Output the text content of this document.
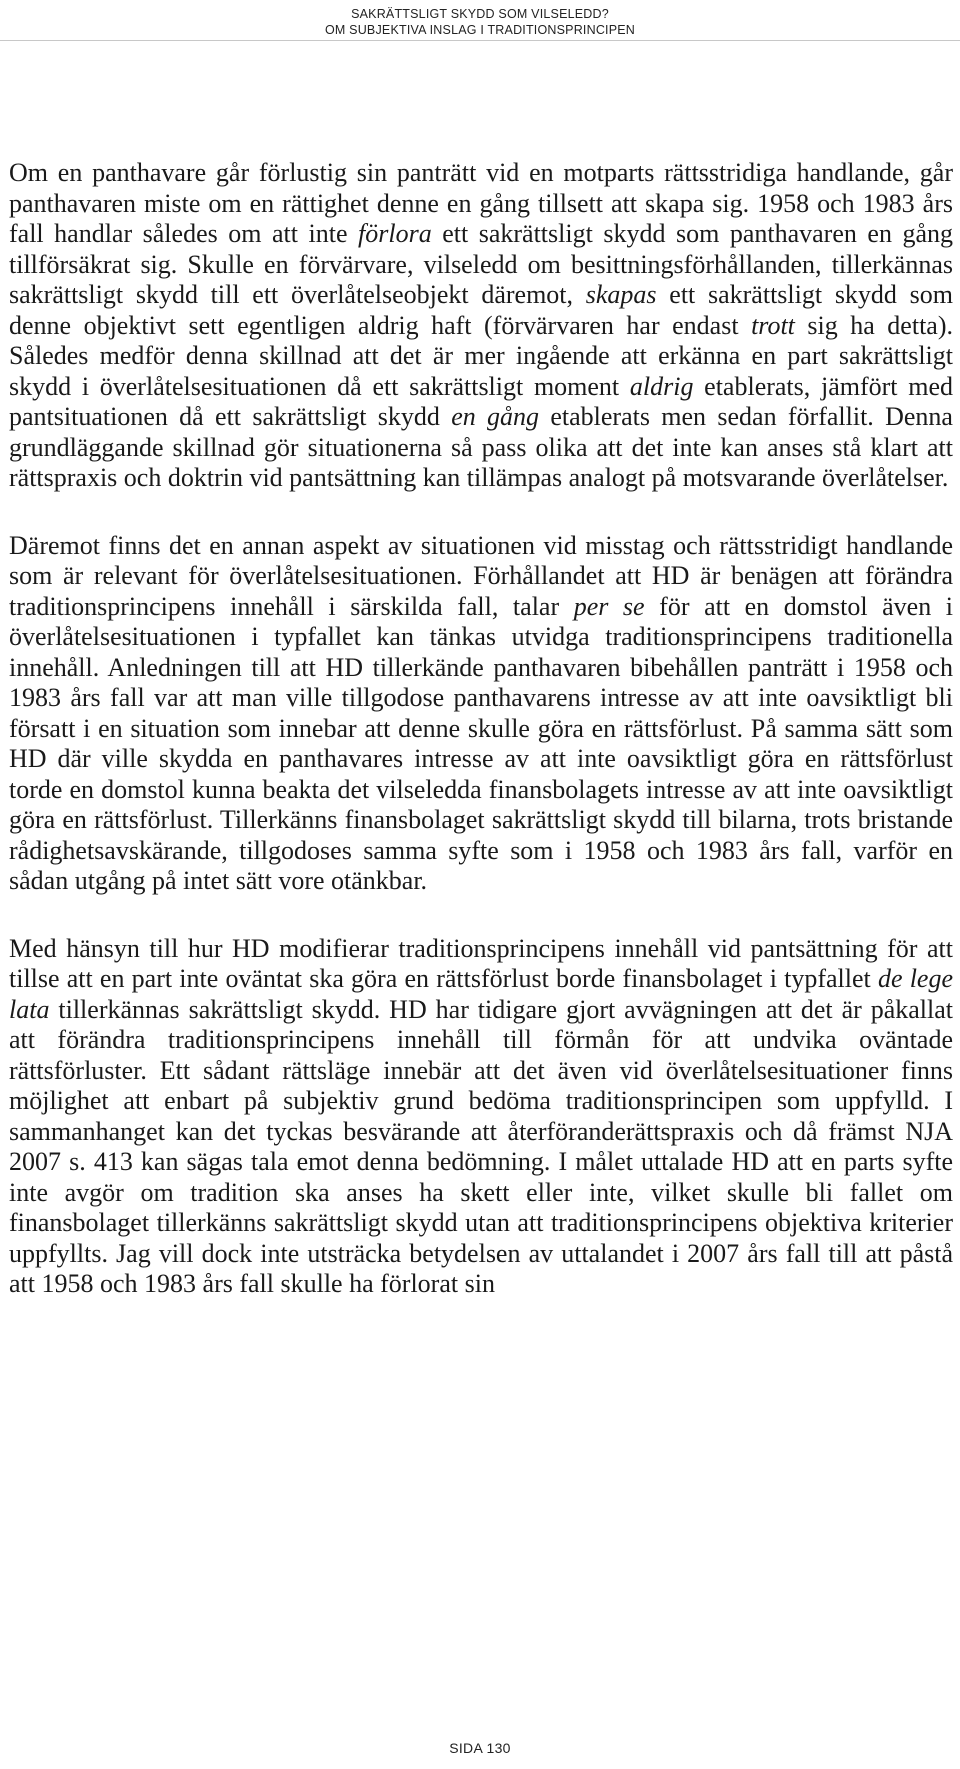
SAKRÄTTSLIGT SKYDD SOM VILSELEDD?
OM SUBJEKTIVA INSLAG I TRADITIONSPRINCIPEN

Om en panthavare går förlustig sin panträtt vid en motparts rättsstridiga handlande, går panthavaren miste om en rättighet denne en gång tillsett att skapa sig. 1958 och 1983 års fall handlar således om att inte förlora ett sakrättsligt skydd som panthavaren en gång tillförsäkrat sig. Skulle en förvärvare, vilseledd om besittningsförhållanden, tillerkännas sakrättsligt skydd till ett överlåtelseobjekt däremot, skapas ett sakrättsligt skydd som denne objektivt sett egentligen aldrig haft (förvärvaren har endast trott sig ha detta). Således medför denna skillnad att det är mer ingående att erkänna en part sakrättsligt skydd i överlåtelsesituationen då ett sakrättsligt moment aldrig etablerats, jämfört med pantsituationen då ett sakrättsligt skydd en gång etablerats men sedan förfallit. Denna grundläggande skillnad gör situationerna så pass olika att det inte kan anses stå klart att rättspraxis och doktrin vid pantsättning kan tillämpas analogt på motsvarande överlåtelser.

Däremot finns det en annan aspekt av situationen vid misstag och rättsstridigt handlande som är relevant för överlåtelsesituationen. Förhållandet att HD är benägen att förändra traditionsprincipens innehåll i särskilda fall, talar per se för att en domstol även i överlåtelsesituationen i typfallet kan tänkas utvidga traditionsprincipens traditionella innehåll. Anledningen till att HD tillerkände panthavaren bibehållen panträtt i 1958 och 1983 års fall var att man ville tillgodose panthavarens intresse av att inte oavsiktligt bli försatt i en situation som innebar att denne skulle göra en rättsförlust. På samma sätt som HD där ville skydda en panthavares intresse av att inte oavsiktligt göra en rättsförlust torde en domstol kunna beakta det vilseledda finansbolagets intresse av att inte oavsiktligt göra en rättsförlust. Tillerkänns finansbolaget sakrättsligt skydd till bilarna, trots bristande rådighetsavskärande, tillgodoses samma syfte som i 1958 och 1983 års fall, varför en sådan utgång på intet sätt vore otänkbar.

Med hänsyn till hur HD modifierar traditionsprincipens innehåll vid pantsättning för att tillse att en part inte oväntat ska göra en rättsförlust borde finansbolaget i typfallet de lege lata tillerkännas sakrättsligt skydd. HD har tidigare gjort avvägningen att det är påkallat att förändra traditionsprincipens innehåll till förmån för att undvika oväntade rättsförluster. Ett sådant rättsläge innebär att det även vid överlåtelsesituationer finns möjlighet att enbart på subjektiv grund bedöma traditionsprincipen som uppfylld. I sammanhanget kan det tyckas besvärande att återföranderättspraxis och då främst NJA 2007 s. 413 kan sägas tala emot denna bedömning. I målet uttalade HD att en parts syfte inte avgör om tradition ska anses ha skett eller inte, vilket skulle bli fallet om finansbolaget tillerkänns sakrättsligt skydd utan att traditionsprincipens objektiva kriterier uppfyllts. Jag vill dock inte utsträcka betydelsen av uttalandet i 2007 års fall till att påstå att 1958 och 1983 års fall skulle ha förlorat sin

SIDA 130
